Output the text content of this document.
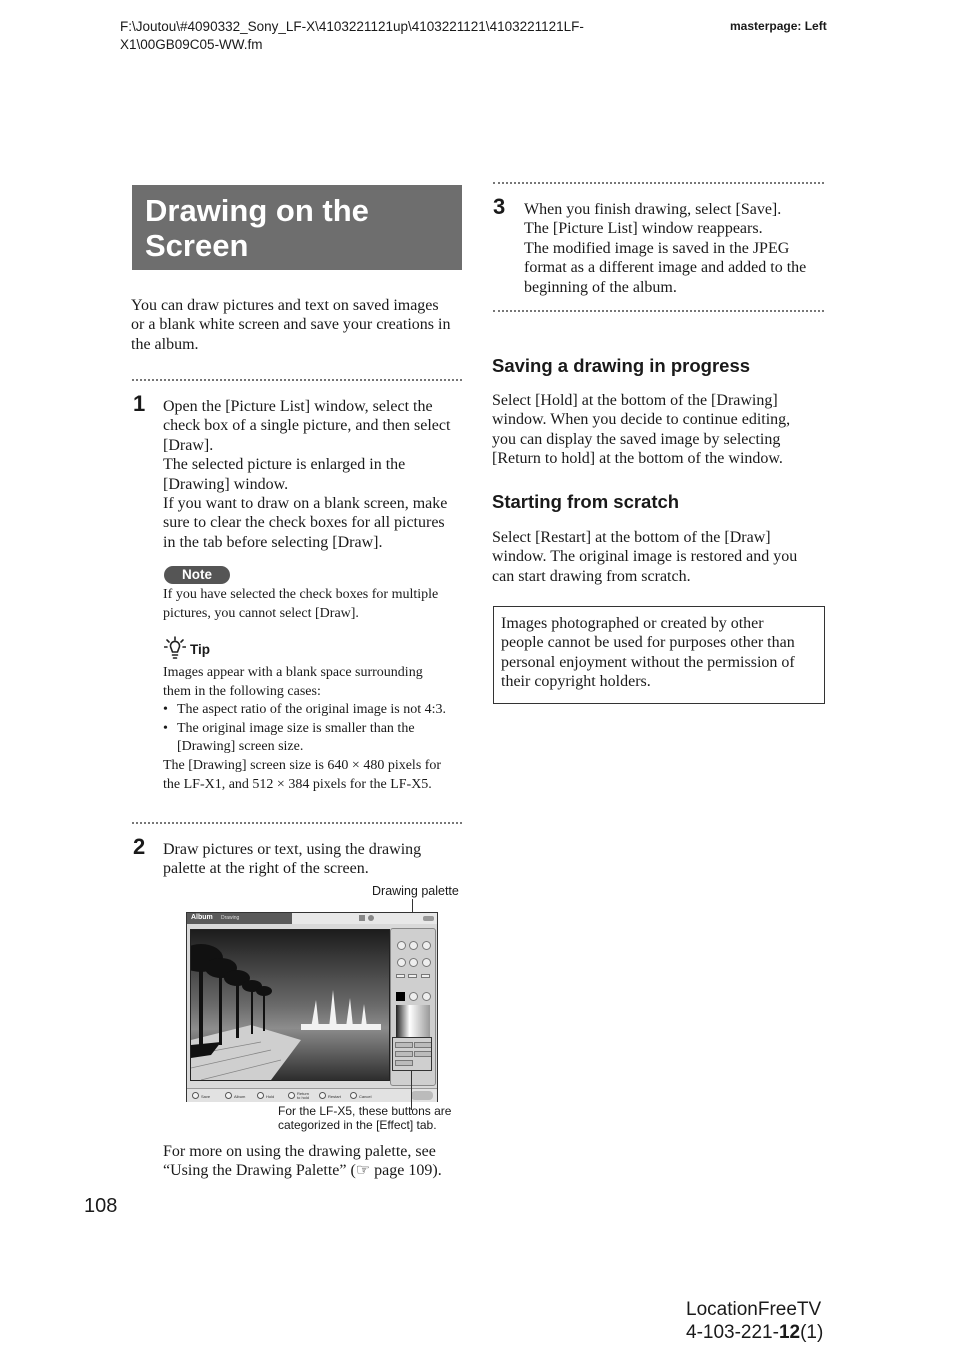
F:\Joutou\#4090332_Sony_LF-X\4103221121up\4103221121\4103221121LF-
X1\00GB09C05-WW.fm
masterpage: Left
Drawing on the
Screen
You can draw pictures and text on saved images
or a blank white screen and save your creations in
the album.
1 Open the [Picture List] window, select the
check box of a single picture, and then select
[Draw].
The selected picture is enlarged in the
[Drawing] window.
If you want to draw on a blank screen, make
sure to clear the check boxes for all pictures
in the tab before selecting [Draw].
Note
If you have selected the check boxes for multiple
pictures, you cannot select [Draw].
Tip
Images appear with a blank space surrounding
them in the following cases:
• The aspect ratio of the original image is not 4:3.
• The original image size is smaller than the
[Drawing] screen size.
The [Drawing] screen size is 640 × 480 pixels for
the LF-X1, and 512 × 384 pixels for the LF-X5.
2 Draw pictures or text, using the drawing
palette at the right of the screen.
Drawing palette
Album Drawing
Save	Album	Hold
Return to hold	Restart	Cancel
For the LF-X5, these buttons are
categorized in the [Effect] tab.
For more on using the drawing palette, see
“Using the Drawing Palette” (☞ page 109).
3 When you finish drawing, select [Save].
The [Picture List] window reappears.
The modified image is saved in the JPEG
format as a different image and added to the
beginning of the album.
Saving a drawing in progress
Select [Hold] at the bottom of the [Drawing]
window. When you decide to continue editing,
you can display the saved image by selecting
[Return to hold] at the bottom of the window.
Starting from scratch
Select [Restart] at the bottom of the [Draw]
window. The original image is restored and you
can start drawing from scratch.
Images photographed or created by other
people cannot be used for purposes other than
personal enjoyment without the permission of
their copyright holders.
108
LocationFreeTV
4-103-221-12(1)
